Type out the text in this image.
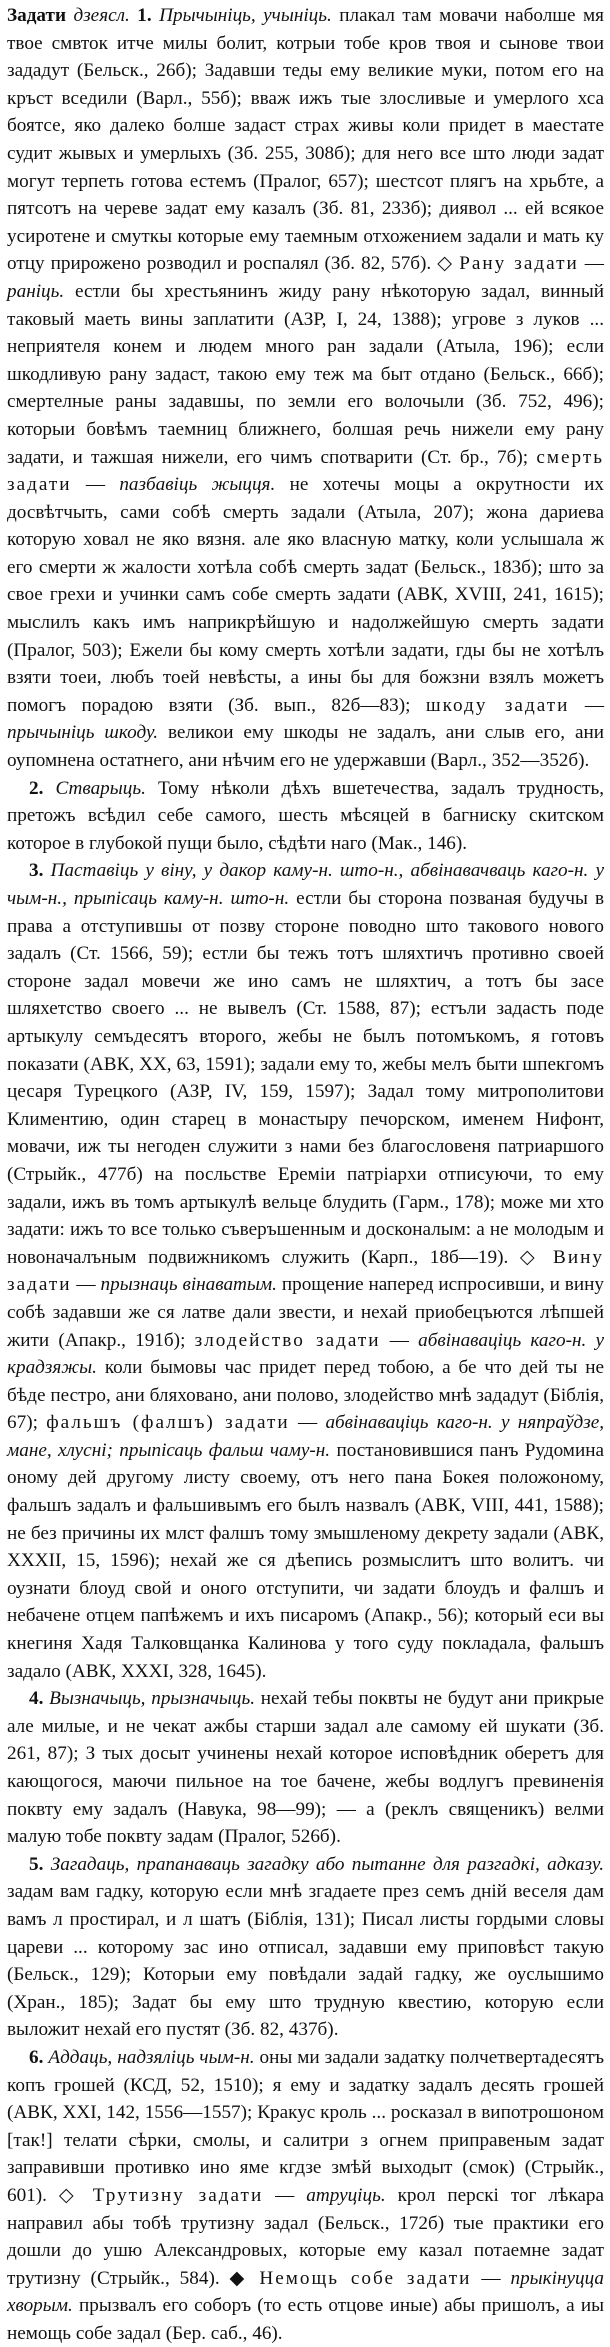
Задати дзеясл. 1. Прычыніць, учыніць. плакал там мовачи наболше мя твое смвток итче милы болит, котрыи тобе кров твоя и сынове твои зададут (Бельск., 26б); Задавши теды ему великие муки, потом его на кръст вседили (Варл., 55б); вваж ижъ тые злосливые и умерлого хса боятсе, яко далеко болше задаст страх живы коли придет в маестате судит жывых и умерлыхъ (Зб. 255, 308б); для него все што люди задат могут терпеть готова естемъ (Пралог, 657); шестсот плягъ на хрьбте, а пятсотъ на череве задат ему казалъ (Зб. 81, 233б); диявол ... ей всякое усиротене и смуткы которые ему таемным отхожением задали и мать ку отцу прирожено розводил и роспалял (Зб. 82, 57б). ◇ Рану задати — раніць. естли бы хрестьянинъ жиду рану нѣкоторую задал, винный таковый маеть вины заплатити (АЗР, I, 24, 1388); угрове з луков ... неприятеля конем и людем много ран задали (Атыла, 196); если шкодливую рану задаст, такою ему теж ма быт отдано (Бельск., 66б); смертелные раны задавшы, по земли его волочыли (Зб. 752, 496); которыи бовѣмъ таемниц ближнего, болшая речь нижели ему рану задати, и тажшая нижели, его чимъ спотварити (Ст. бр., 7б); смерть задати — пазбавіць жыцця. не хотечы моцы а окрутности их досвѣтчыть, сами собѣ смерть задали (Атыла, 207); жона дариева которую ховал не яко вязня. але яко власную матку, коли услышала ж его смерти ж жалости хотѣла собѣ смерть задат (Бельск., 183б); што за свое грехи и учинки самъ собе смерть задати (АВК, XVIII, 241, 1615); мыслилъ какъ имъ наприкрѣйшую и надолжейшую смерть задати (Пралог, 503); Ежели бы кому смерть хотѣли задати, гды бы не хотѣлъ взяти тоеи, любъ тоей невѣсты, а ины бы для божзни взялъ можетъ помогъ порадою взяти (Зб. вып., 82б—83); шкоду задати — прычыніць шкоду. великои ему шкоды не задалъ, ани слыв его, ани оупомнена остатнего, ани нѣчим его не удержавши (Варл., 352—352б).

2. Стварыць. Тому нѣколи дѣхъ вшетечества, задалъ трудность, претожъ всѣдил себе самого, шесть мѣсяцей в багниску скитском которое в глубокой пущи было, сѣдѣти наго (Мак., 146).

3. Паставіць у віну, у дакор каму-н. што-н., абвінавачваць каго-н. у чым-н., прыпісаць каму-н. што-н. естли бы сторона позваная будучы в права а отступившы от позву стороне поводно што такового нового задалъ (Ст. 1566, 59); естли бы тежъ тотъ шляхтичъ противно своей стороне задал мовечи же ино самъ не шляхтич, а тотъ бы засе шляхетство своего ... не вывелъ (Ст. 1588, 87); естъли задасть поде артыкулу семъдесятъ второго, жебы не былъ потомъкомъ, я готовъ показати (АВК, XX, 63, 1591); задали ему то, жебы мелъ быти шпекгомъ цесаря Турецкого (АЗР, IV, 159, 1597); Задал тому митрополитови Климентию, один старец в монастыру печорском, именем Нифонт, мовачи, иж ты негоден служити з нами без благословеня патриаршого (Стрыйк., 477б) на посльстве Еремiи патрiархи отписуючи, то ему задали, ижъ въ томъ артыкулѣ вельце блудить (Гарм., 178); може ми хто задати: ижъ то все только съверъшенным и досконалым: а не молодым и новоначалъным подвижникомъ служить (Карп., 18б—19). ◇ Вину задати — прызнаць вінаватым. прощение наперед испросивши, и вину собѣ задавши же ся латве дали звести, и нехай приобецъются лѣпшей жити (Апакр., 191б); злодейство задати — абвінаваціць каго-н. у крадзяжы. коли бымовы час придет перед тобою, а бе что дей ты не бѣде пестро, ани бляховано, ани полово, злодейство мнѣ зададут (Біблія, 67); фальшъ (фалшъ) задати — абвінаваціць каго-н. у няпраўдзе, мане, хлусні; прыпісаць фальш чаму-н. постановившися панъ Рудомина оному дей другому листу своему, отъ него пана Бокея положоному, фальшъ задалъ и фальшивымъ его былъ назвалъ (АВК, VIII, 441, 1588); не без причины их млст фалшъ тому змышленому декрету задали (АВК, XXXII, 15, 1596); нехай же ся дѣепись розмыслитъ што волитъ. чи оузнати блоуд свой и оного отступити, чи задати блоудъ и фалшъ и небачене отцем папѣжемъ и ихъ писаромъ (Апакр., 56); который еси вы кнегиня Хадя Талковщанка Калинова у того суду покладала, фальшъ задало (АВК, XXXI, 328, 1645).

4. Вызначыць, прызначыць. нехай тебы поквты не будут ани прикрые але милые, и не чекат ажбы старши задал але самому ей шукати (Зб. 261, 87); З тых досыт учинены нехай которое исповѣдник оберетъ для кающогося, маючи пильное на тое бачене, жебы водлугъ превиненiя поквту ему задалъ (Навука, 98—99); — а (реклъ священикъ) велми малую тобе поквту задам (Пралог, 526б).

5. Загадаць, прапанаваць загадку або пытанне для разгадкі, адказу. задам вам гадку, которую если мнѣ згадаете през семъ днiй веселя дам вамъ л простирал, и л шатъ (Біблія, 131); Писал листы гордыми словы цареви ... которому зас ино отписал, задавши ему приповѣст такую (Бельск., 129); Которыи ему повѣдали задай гадку, же оуслышимо (Хран., 185); Задат бы ему што трудную квестию, которую если выложит нехай его пустят (Зб. 82, 437б).

6. Аддаць, надзяліць чым-н. оны ми задали задатку полчетвертадесятъ копъ грошей (КСД, 52, 1510); я ему и задатку задалъ десять грошей (АВК, XXI, 142, 1556—1557); Кракус кроль ... росказал в випотрошоном [так!] телати сѣрки, смолы, и салитри з огнем приправеным задат заправивши противко ино яме кгдзе змѣй выходыт (смок) (Стрыйк., 601). ◇ Трутизну задати — атруціць. крол перскi тог лѣкара направил абы тобѣ трутизну задал (Бельск., 172б) тые практики его дошли до ушю Александровых, которые ему казал потаемне задат трутизну (Стрыйк., 584). ◆ Немощь собе задати — прыкінуцца хворым. прызвалъ его соборъ (то есть отцове иные) абы пришолъ, а иы немощь собе задал (Бер. саб., 46).
